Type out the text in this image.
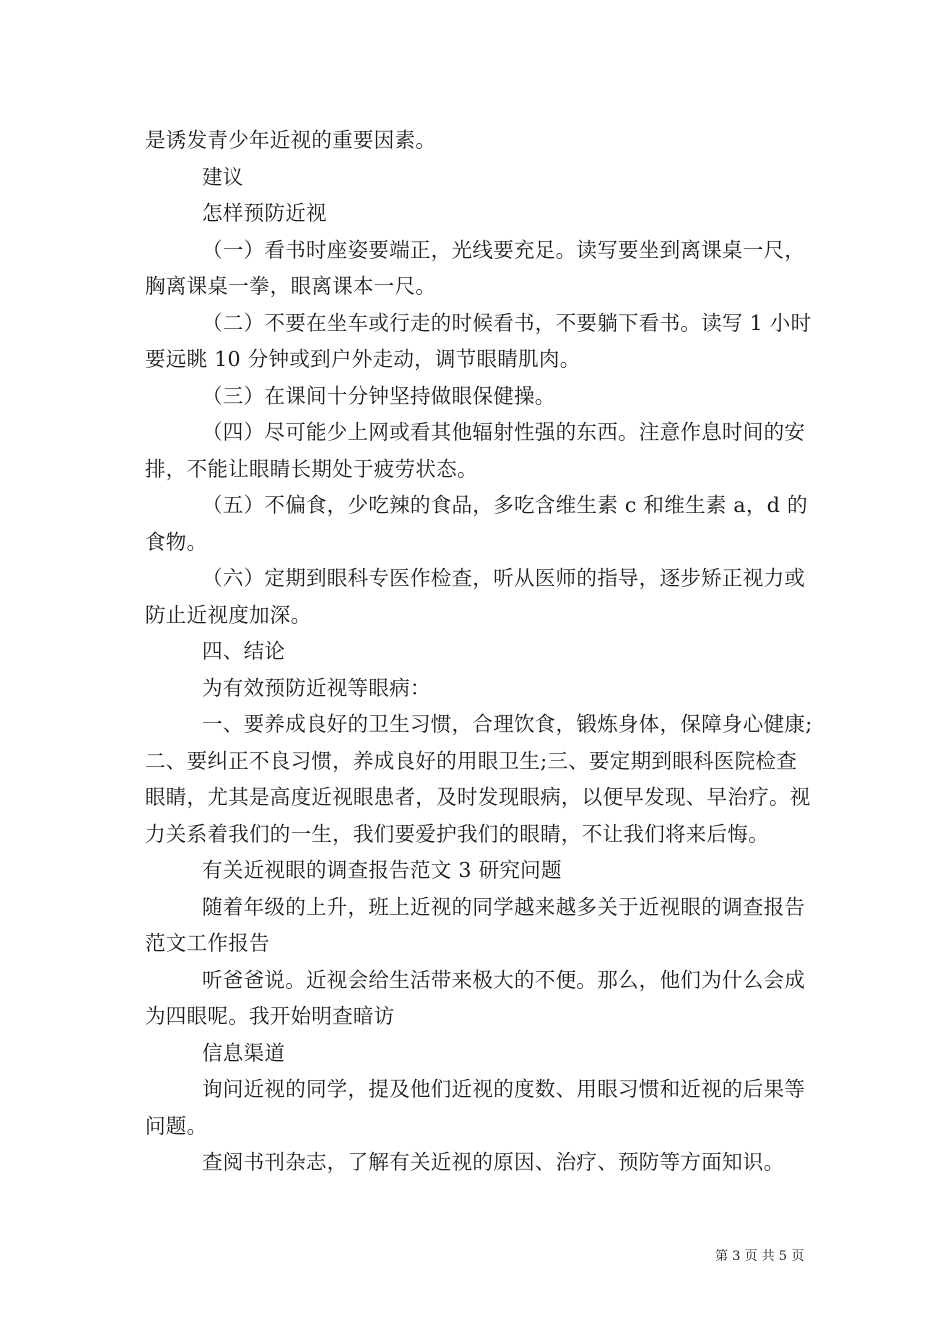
是诱发青少年近视的重要因素。

建议

怎样预防近视

（一）看书时座姿要端正，光线要充足。读写要坐到离课桌一尺，胸离课桌一拳，眼离课本一尺。

（二）不要在坐车或行走的时候看书，不要躺下看书。读写 1 小时要远眺 10 分钟或到户外走动，调节眼睛肌肉。

（三）在课间十分钟坚持做眼保健操。

（四）尽可能少上网或看其他辐射性强的东西。注意作息时间的安排，不能让眼睛长期处于疲劳状态。

（五）不偏食，少吃辣的食品，多吃含维生素 c 和维生素 a，d 的食物。

（六）定期到眼科专医作检查，听从医师的指导，逐步矫正视力或防止近视度加深。

四、结论

为有效预防近视等眼病：

一、要养成良好的卫生习惯，合理饮食，锻炼身体，保障身心健康;二、要纠正不良习惯，养成良好的用眼卫生;三、要定期到眼科医院检查眼睛，尤其是高度近视眼患者，及时发现眼病，以便早发现、早治疗。视力关系着我们的一生，我们要爱护我们的眼睛，不让我们将来后悔。

有关近视眼的调查报告范文 3 研究问题

随着年级的上升，班上近视的同学越来越多关于近视眼的调查报告范文工作报告

听爸爸说。近视会给生活带来极大的不便。那么，他们为什么会成为四眼呢。我开始明查暗访

信息渠道

询问近视的同学，提及他们近视的度数、用眼习惯和近视的后果等问题。

查阅书刊杂志，了解有关近视的原因、治疗、预防等方面知识。

第 3 页 共 5 页
